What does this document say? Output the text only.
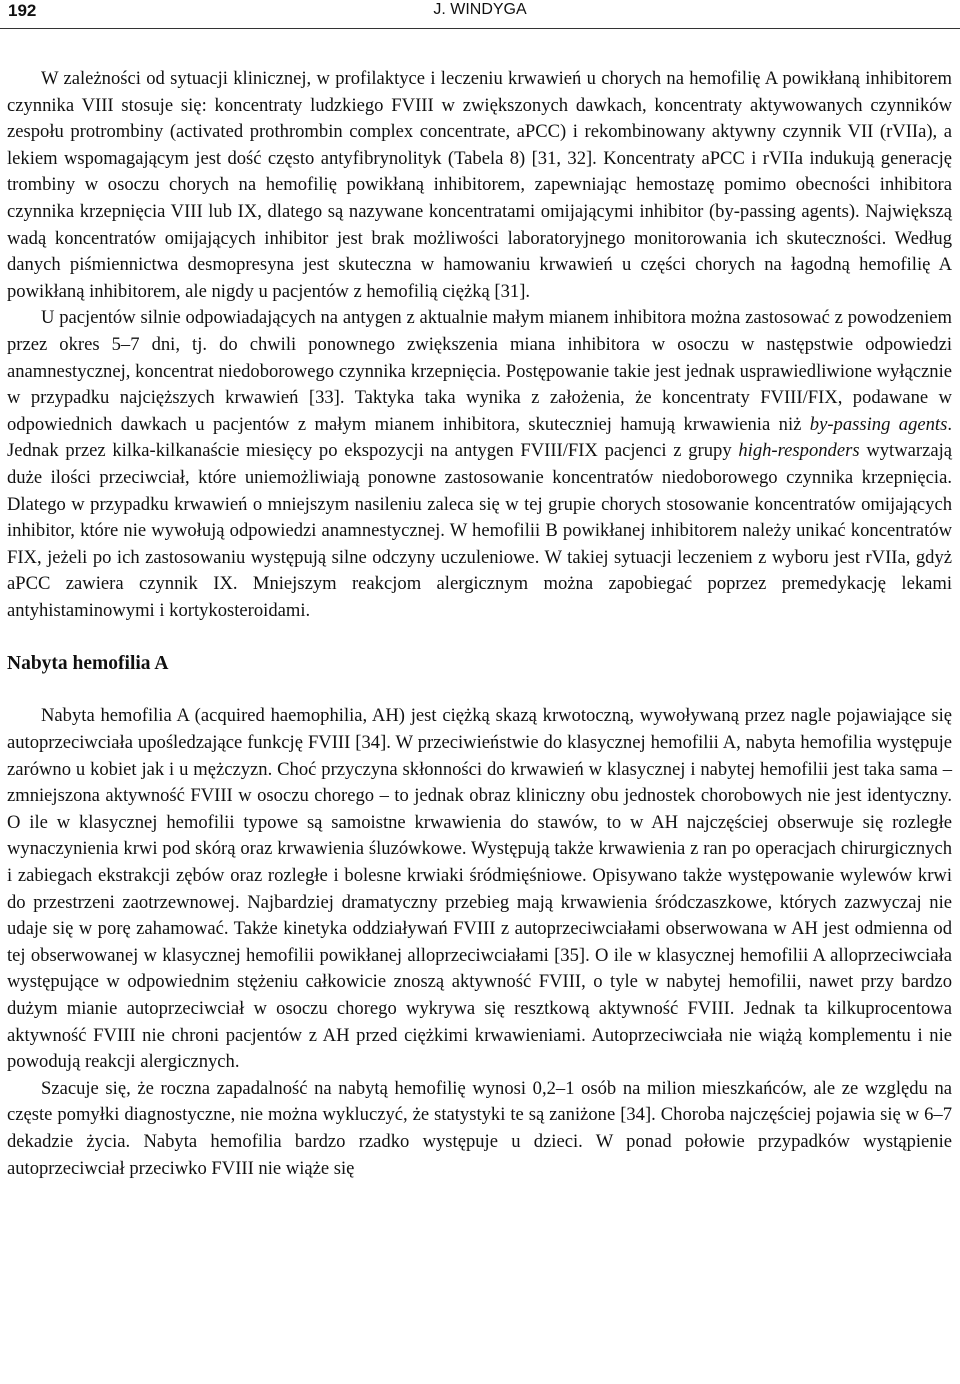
192	J. WINDYGA

W zależności od sytuacji klinicznej, w profilaktyce i leczeniu krwawień u chorych na hemofilię A powikłaną inhibitorem czynnika VIII stosuje się: koncentraty ludzkiego FVIII w zwiększonych dawkach, koncentraty aktywowanych czynników zespołu protrombiny (activated prothrombin complex concentrate, aPCC) i rekombinowany aktywny czynnik VII (rVIIa), a lekiem wspomagającym jest dość często antyfibrynolityk (Tabela 8) [31, 32]. Koncentraty aPCC i rVIIa indukują generację trombiny w osoczu chorych na hemofilię powikłaną inhibitorem, zapewniając hemostazę pomimo obecności inhibitora czynnika krzepnięcia VIII lub IX, dlatego są nazywane koncentratami omijającymi inhibitor (by-passing agents). Największą wadą koncentratów omijających inhibitor jest brak możliwości laboratoryjnego monitorowania ich skuteczności. Według danych piśmiennictwa desmopresyna jest skuteczna w hamowaniu krwawień u części chorych na łagodną hemofilię A powikłaną inhibitorem, ale nigdy u pacjentów z hemofilią ciężką [31].

U pacjentów silnie odpowiadających na antygen z aktualnie małym mianem inhibitora można zastosować z powodzeniem przez okres 5–7 dni, tj. do chwili ponownego zwiększenia miana inhibitora w osoczu w następstwie odpowiedzi anamnestycznej, koncentrat niedoborowego czynnika krzepnięcia. Postępowanie takie jest jednak usprawiedliwione wyłącznie w przypadku najcięższych krwawień [33]. Taktyka taka wynika z założenia, że koncentraty FVIII/FIX, podawane w odpowiednich dawkach u pacjentów z małym mianem inhibitora, skuteczniej hamują krwawienia niż by-passing agents. Jednak przez kilka-kilkanaście miesięcy po ekspozycji na antygen FVIII/FIX pacjenci z grupy high-responders wytwarzają duże ilości przeciwciał, które uniemożliwiają ponowne zastosowanie koncentratów niedoborowego czynnika krzepnięcia. Dlatego w przypadku krwawień o mniejszym nasileniu zaleca się w tej grupie chorych stosowanie koncentratów omijających inhibitor, które nie wywołują odpowiedzi anamnestycznej. W hemofilii B powikłanej inhibitorem należy unikać koncentratów FIX, jeżeli po ich zastosowaniu występują silne odczyny uczuleniowe. W takiej sytuacji leczeniem z wyboru jest rVIIa, gdyż aPCC zawiera czynnik IX. Mniejszym reakcjom alergicznym można zapobiegać poprzez premedykację lekami antyhistaminowymi i kortykosteroidami.

Nabyta hemofilia A

Nabyta hemofilia A (acquired haemophilia, AH) jest ciężką skazą krwotoczną, wywoływaną przez nagle pojawiające się autoprzeciwciała upośledzające funkcję FVIII [34]. W przeciwieństwie do klasycznej hemofilii A, nabyta hemofilia występuje zarówno u kobiet jak i u mężczyzn. Choć przyczyna skłonności do krwawień w klasycznej i nabytej hemofilii jest taka sama – zmniejszona aktywność FVIII w osoczu chorego – to jednak obraz kliniczny obu jednostek chorobowych nie jest identyczny. O ile w klasycznej hemofilii typowe są samoistne krwawienia do stawów, to w AH najczęściej obserwuje się rozległe wynaczynienia krwi pod skórą oraz krwawienia śluzówkowe. Występują także krwawienia z ran po operacjach chirurgicznych i zabiegach ekstrakcji zębów oraz rozległe i bolesne krwiaki śródmięśniowe. Opisywano także występowanie wylewów krwi do przestrzeni zaotrzewnowej. Najbardziej dramatyczny przebieg mają krwawienia śródczaszkowe, których zazwyczaj nie udaje się w porę zahamować. Także kinetyka oddziaływań FVIII z autoprzeciwciałami obserwowana w AH jest odmienna od tej obserwowanej w klasycznej hemofilii powikłanej alloprzeciwciałami [35]. O ile w klasycznej hemofilii A alloprzeciwciała występujące w odpowiednim stężeniu całkowicie znoszą aktywność FVIII, o tyle w nabytej hemofilii, nawet przy bardzo dużym mianie autoprzeciwciał w osoczu chorego wykrywa się resztkową aktywność FVIII. Jednak ta kilkuprocentowa aktywność FVIII nie chroni pacjentów z AH przed ciężkimi krwawieniami. Autoprzeciwciała nie wiążą komplementu i nie powodują reakcji alergicznych.

Szacuje się, że roczna zapadalność na nabytą hemofilię wynosi 0,2–1 osób na milion mieszkańców, ale ze względu na częste pomyłki diagnostyczne, nie można wykluczyć, że statystyki te są zaniżone [34]. Choroba najczęściej pojawia się w 6–7 dekadzie życia. Nabyta hemofilia bardzo rzadko występuje u dzieci. W ponad połowie przypadków wystąpienie autoprzeciwciał przeciwko FVIII nie wiąże się
